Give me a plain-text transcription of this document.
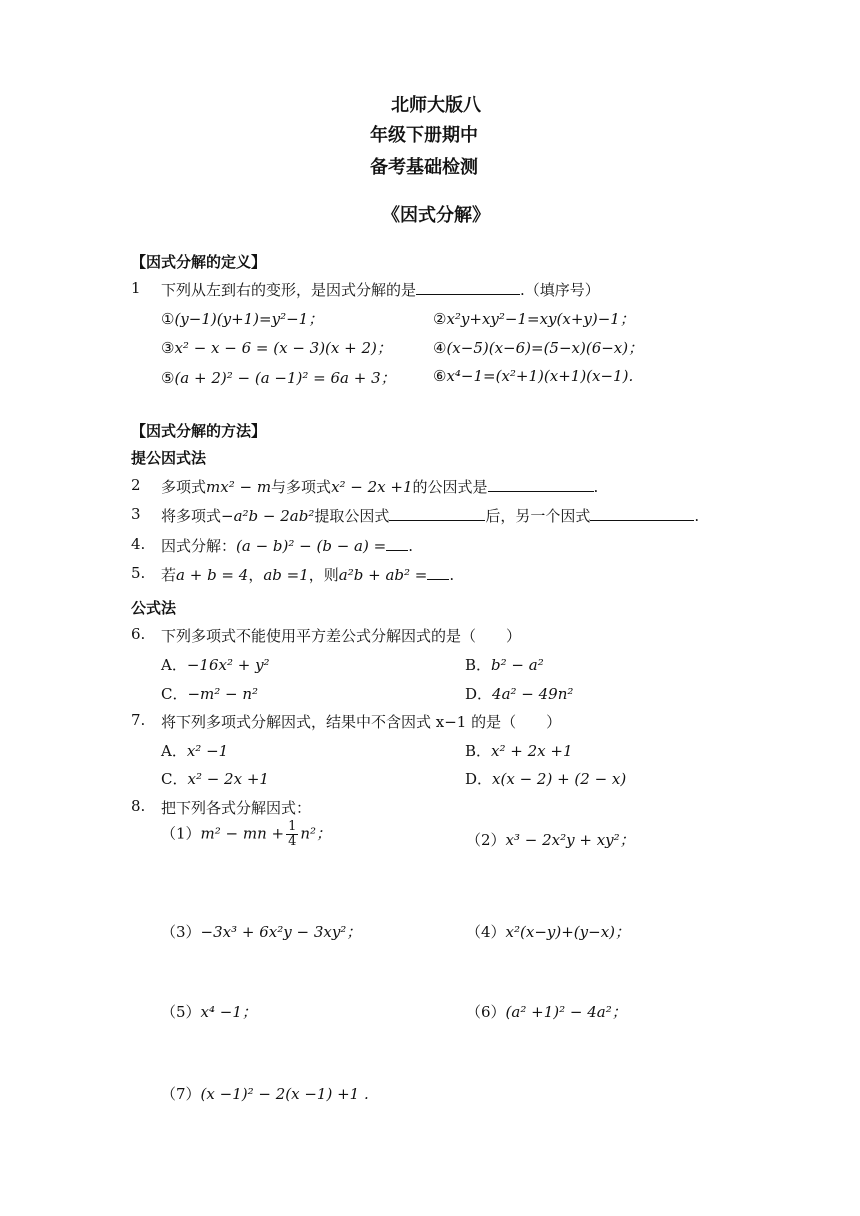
北师大版八
年级下册期中
备考基础检测
《因式分解》
【因式分解的定义】
1 下列从左到右的变形，是因式分解的是	.（填序号）
①(y−1)(y+1)=y²−1；	②x²y+xy²−1=xy(x+y)−1；
③x² − x − 6 = (x − 3)(x + 2)；	④(x−5)(x−6)=(5−x)(6−x)；
⑤(a + 2)² − (a −1)² = 6a + 3； ⑥x⁴−1=(x²+1)(x+1)(x−1).
【因式分解的方法】
提公因式法
2 多项式mx² − m与多项式x² − 2x +1的公因式是	.
3 将多项式−a²b − 2ab²提取公因式	后，另一个因式	.
4. 因式分解：(a − b)² − (b − a) = .
5. 若a + b = 4，ab =1，则a²b + ab² = .
公式法
6. 下列多项式不能使用平方差公式分解因式的是（　　）
A．−16x² + y²	B．b² − a²
C．−m² − n²	D．4a² − 49n²
7. 将下列多项式分解因式，结果中不含因式 x−1 的是（　　）
A．x² −1	B．x² + 2x +1
C．x² − 2x +1	D．x(x − 2) + (2 − x)
8. 把下列各式分解因式：
（1）m² − mn + $\frac{1}{4} n^2$；	（2）x³ − 2x²y + xy²；
（3）−3x³ + 6x²y − 3xy²；	（4）x²(x−y)+(y−x)；
（5）x⁴ −1；	（6）(a² +1)² − 4a²；
（7）(x −1)² − 2(x −1) +1 .
